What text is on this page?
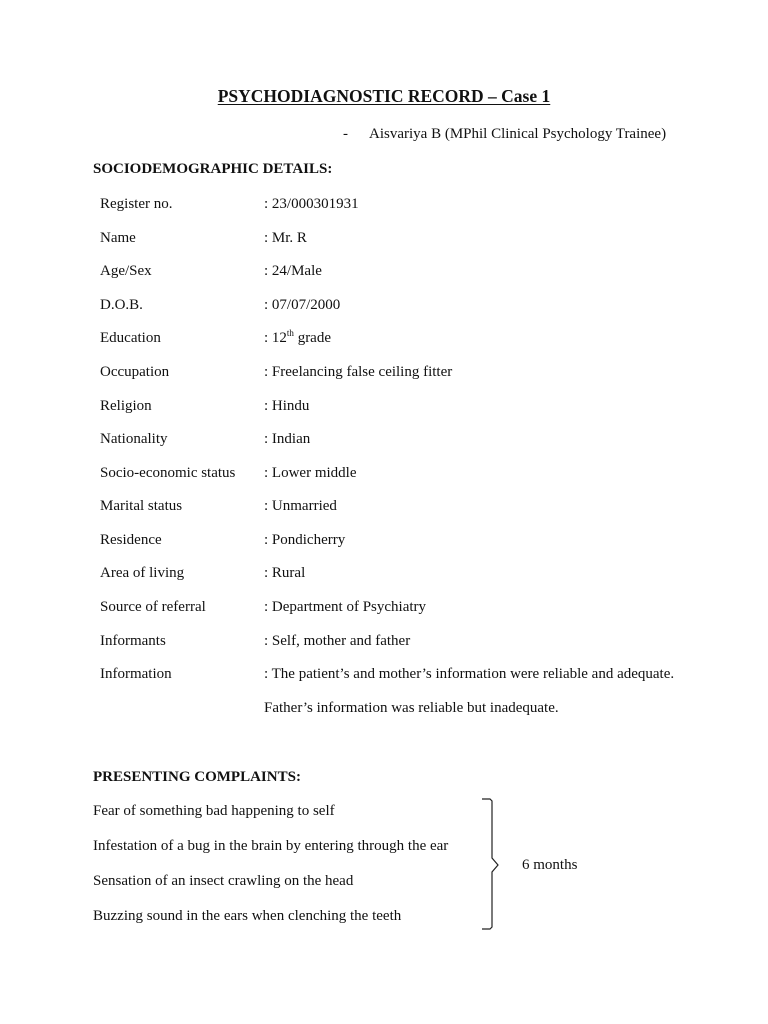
PSYCHODIAGNOSTIC RECORD – Case 1
- Aisvariya B (MPhil Clinical Psychology Trainee)
SOCIODEMOGRAPHIC DETAILS:
Register no.	: 23/000301931
Name	: Mr. R
Age/Sex	: 24/Male
D.O.B.	: 07/07/2000
Education	: 12th grade
Occupation	: Freelancing false ceiling fitter
Religion	: Hindu
Nationality	: Indian
Socio-economic status : Lower middle
Marital status	: Unmarried
Residence	: Pondicherry
Area of living	: Rural
Source of referral	: Department of Psychiatry
Informants	: Self, mother and father
Information	: The patient’s and mother’s information were reliable and adequate.
Father’s information was reliable but inadequate.
PRESENTING COMPLAINTS:
Fear of something bad happening to self
Infestation of a bug in the brain by entering through the ear
Sensation of an insect crawling on the head
Buzzing sound in the ears when clenching the teeth
6 months
